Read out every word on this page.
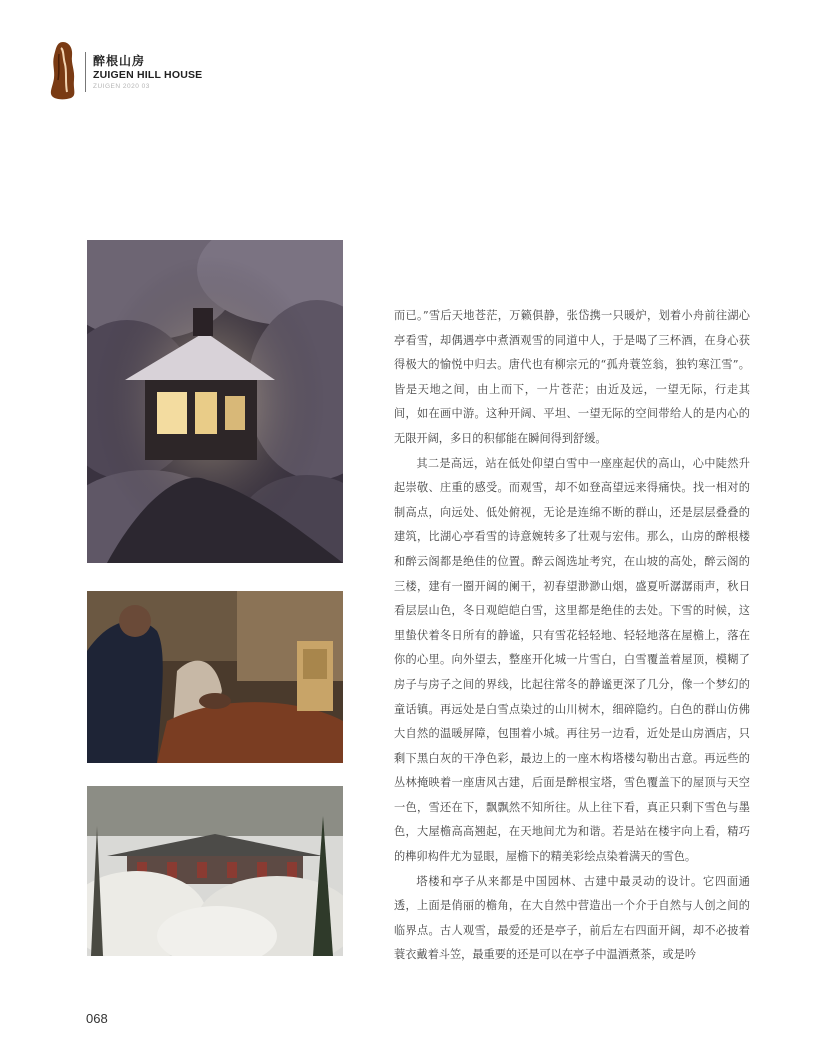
醉根山房
ZUIGEN HILL HOUSE
ZUIGEN 2020 03

而已。”雪后天地苍茫，万籁俱静，张岱携一只暖炉，划着小舟前往湖心亭看雪，却偶遇亭中煮酒观雪的同道中人，于是喝了三杯酒，在身心获得极大的愉悦中归去。唐代也有柳宗元的“孤舟蓑笠翁，独钓寒江雪”。皆是天地之间，由上而下，一片苍茫；由近及远，一望无际，行走其间，如在画中游。这种开阔、平坦、一望无际的空间带给人的是内心的无限开阔，多日的积郁能在瞬间得到舒缓。

其二是高远，站在低处仰望白雪中一座座起伏的高山，心中陡然升起崇敬、庄重的感受。而观雪，却不如登高望远来得痛快。找一相对的制高点，向远处、低处俯视，无论是连绵不断的群山，还是层层叠叠的建筑，比湖心亭看雪的诗意婉转多了壮观与宏伟。那么，山房的醉根楼和醉云阁都是绝佳的位置。醉云阁选址考究，在山坡的高处，醉云阁的三楼，建有一圈开阔的阑干，初春望渺渺山烟，盛夏听潺潺雨声，秋日看层层山色，冬日观皑皑白雪，这里都是绝佳的去处。下雪的时候，这里蛰伏着冬日所有的静谧，只有雪花轻轻地、轻轻地落在屋檐上，落在你的心里。向外望去，整座开化城一片雪白，白雪覆盖着屋顶，模糊了房子与房子之间的界线，比起往常冬的静谧更深了几分，像一个梦幻的童话镇。再远处是白雪点染过的山川树木，细碎隐约。白色的群山仿佛大自然的温暖屏障，包围着小城。再往另一边看，近处是山房酒店，只剩下黑白灰的干净色彩，最边上的一座木构塔楼勾勒出古意。再远些的丛林掩映着一座唐风古建，后面是醉根宝塔，雪色覆盖下的屋顶与天空一色，雪还在下，飘飘然不知所往。从上往下看，真正只剩下雪色与墨色，大屋檐高高翘起，在天地间尤为和谐。若是站在楼宇向上看，精巧的榫卯构件尤为显眼，屋檐下的精美彩绘点染着满天的雪色。

塔楼和亭子从来都是中国园林、古建中最灵动的设计。它四面通透，上面是俏丽的檐角，在大自然中营造出一个介于自然与人创之间的临界点。古人观雪，最爱的还是亭子，前后左右四面开阔，却不必披着蓑衣戴着斗笠，最重要的还是可以在亭子中温酒煮茶，或是吟

068
